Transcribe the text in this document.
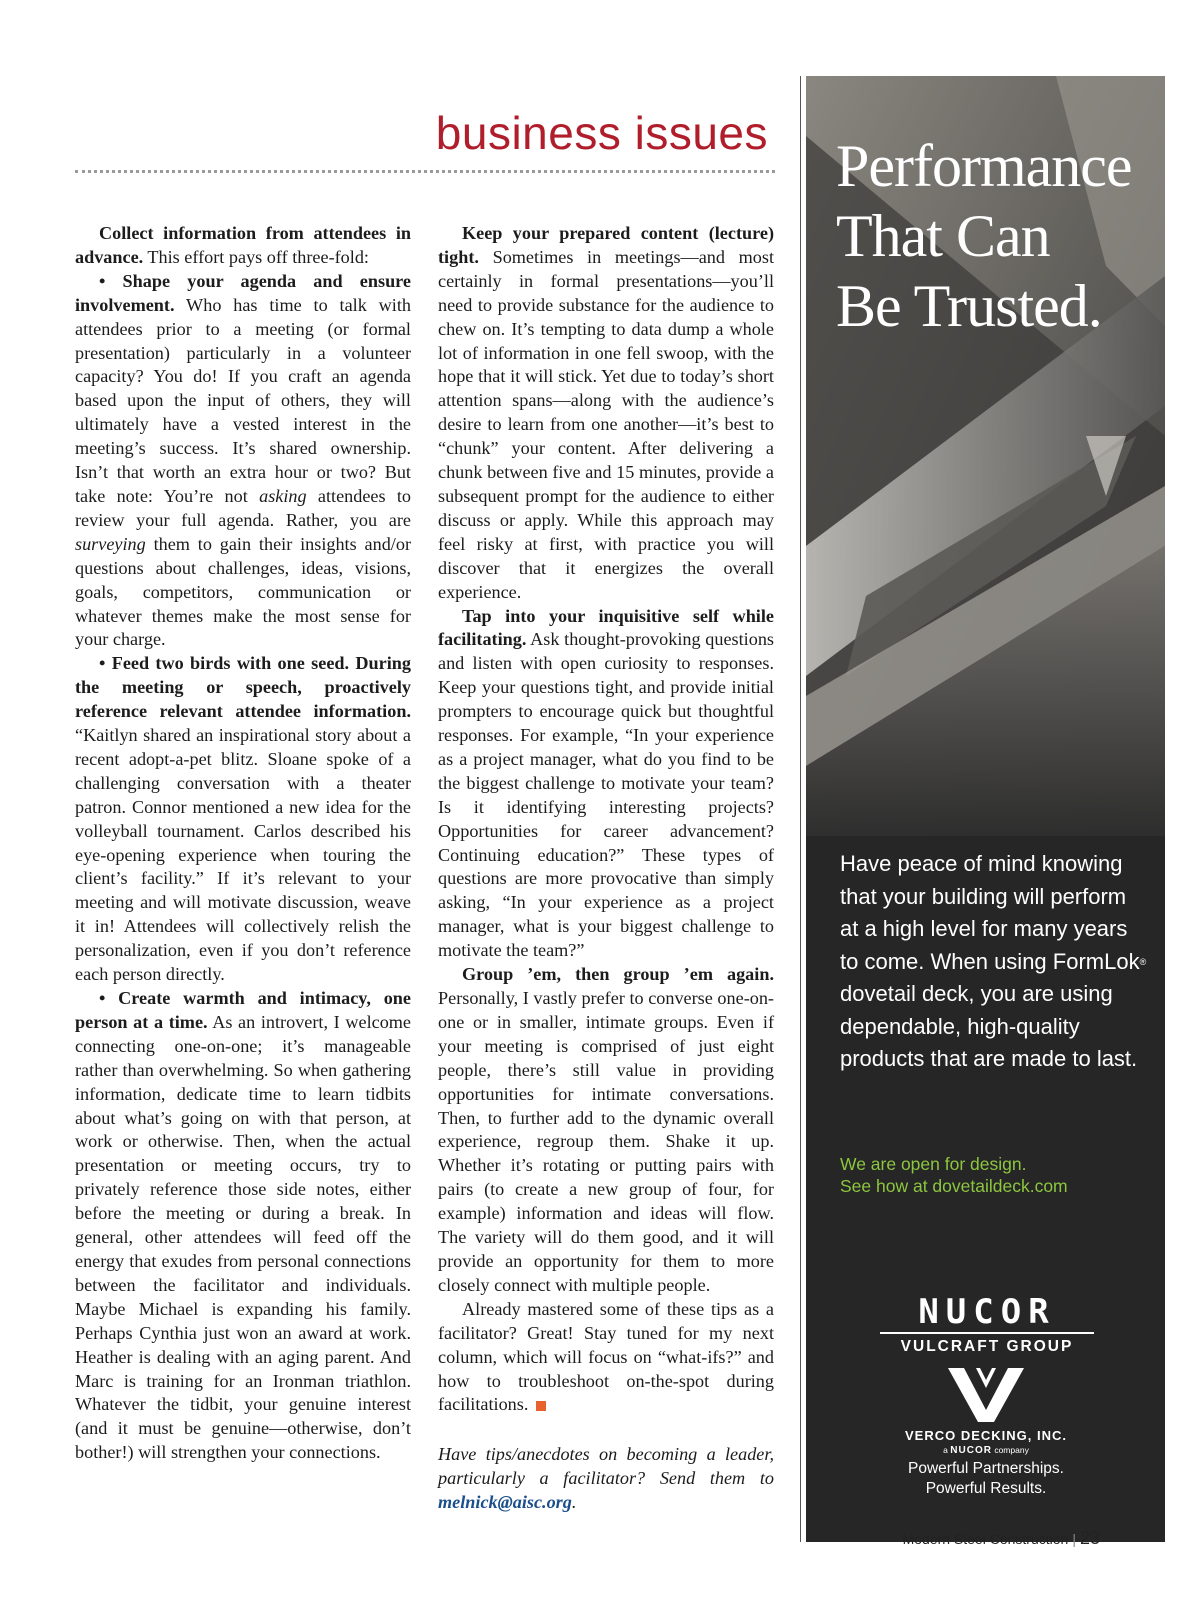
business issues

Collect information from attendees in advance. This effort pays off three-fold:

• Shape your agenda and ensure involvement. Who has time to talk with attendees prior to a meeting (or formal presentation) particularly in a volunteer capacity? You do! If you craft an agenda based upon the input of others, they will ultimately have a vested interest in the meeting’s success. It’s shared ownership. Isn’t that worth an extra hour or two? But take note: You’re not asking attendees to review your full agenda. Rather, you are surveying them to gain their insights and/or questions about challenges, ideas, visions, goals, competitors, communication or whatever themes make the most sense for your charge.

• Feed two birds with one seed. During the meeting or speech, proactively reference relevant attendee information. “Kaitlyn shared an inspirational story about a recent adopt-a-pet blitz. Sloane spoke of a challenging conversation with a theater patron. Connor mentioned a new idea for the volleyball tournament. Carlos described his eye-opening experience when touring the client’s facility.” If it’s relevant to your meeting and will motivate discussion, weave it in! Attendees will collectively relish the personalization, even if you don’t reference each person directly.

• Create warmth and intimacy, one person at a time. As an introvert, I welcome connecting one-on-one; it’s manageable rather than overwhelming. So when gathering information, dedicate time to learn tidbits about what’s going on with that person, at work or otherwise. Then, when the actual presentation or meeting occurs, try to privately reference those side notes, either before the meeting or during a break. In general, other attendees will feed off the energy that exudes from personal connections between the facilitator and individuals. Maybe Michael is expanding his family. Perhaps Cynthia just won an award at work. Heather is dealing with an aging parent. And Marc is training for an Ironman triathlon. Whatever the tidbit, your genuine interest (and it must be genuine—otherwise, don’t bother!) will strengthen your connections.

Keep your prepared content (lecture) tight. Sometimes in meetings—and most certainly in formal presentations—you’ll need to provide substance for the audience to chew on. It’s tempting to data dump a whole lot of information in one fell swoop, with the hope that it will stick. Yet due to today’s short attention spans—along with the audience’s desire to learn from one another—it’s best to “chunk” your content. After delivering a chunk between five and 15 minutes, provide a subsequent prompt for the audience to either discuss or apply. While this approach may feel risky at first, with practice you will discover that it energizes the overall experience.

Tap into your inquisitive self while facilitating. Ask thought-provoking questions and listen with open curiosity to responses. Keep your questions tight, and provide initial prompters to encourage quick but thoughtful responses. For example, “In your experience as a project manager, what do you find to be the biggest challenge to motivate your team? Is it identifying interesting projects? Opportunities for career advancement? Continuing education?” These types of questions are more provocative than simply asking, “In your experience as a project manager, what is your biggest challenge to motivate the team?”

Group ’em, then group ’em again. Personally, I vastly prefer to converse one-on-one or in smaller, intimate groups. Even if your meeting is comprised of just eight people, there’s still value in providing opportunities for intimate conversations. Then, to further add to the dynamic overall experience, regroup them. Shake it up. Whether it’s rotating or putting pairs with pairs (to create a new group of four, for example) information and ideas will flow. The variety will do them good, and it will provide an opportunity for them to more closely connect with multiple people.

Already mastered some of these tips as a facilitator? Great! Stay tuned for my next column, which will focus on “what-ifs?” and how to troubleshoot on-the-spot during facilitations.

Have tips/anecdotes on becoming a leader, particularly a facilitator? Send them to melnick@aisc.org.

Performance
That Can
Be Trusted.
Have peace of mind knowing that your building will perform at a high level for many years to come. When using FormLok® dovetail deck, you are using dependable, high-quality products that are made to last.
We are open for design.
See how at dovetaildeck.com
NUCOR
VULCRAFT GROUP
VERCO DECKING, INC.
a NUCOR company
Powerful Partnerships.
Powerful Results.
Modern Steel Construction | 23
